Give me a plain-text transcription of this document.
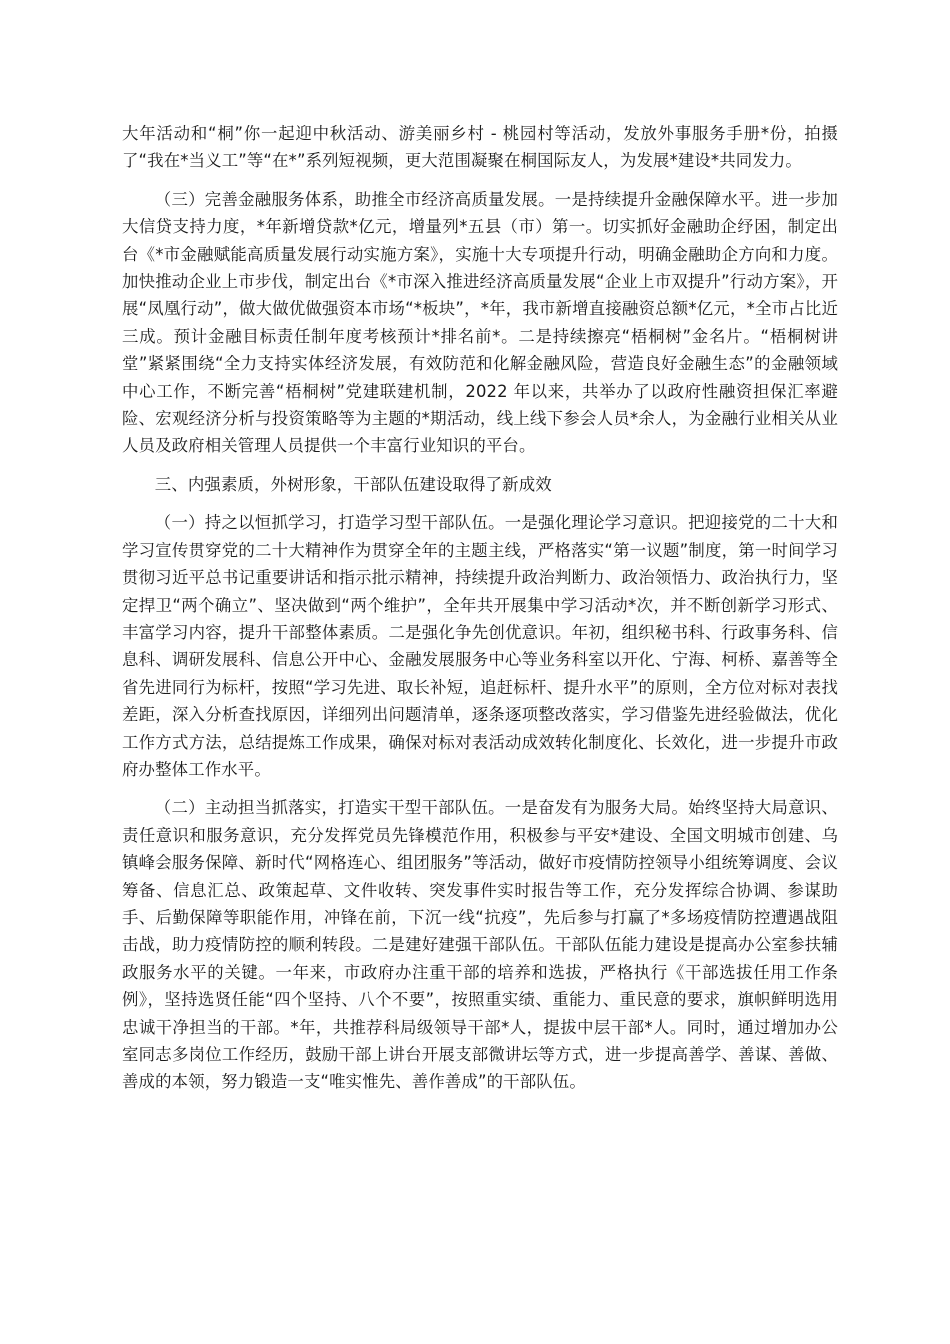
大年活动和“桐”你一起迎中秋活动、游美丽乡村 - 桃园村等活动，发放外事服务手册*份，拍摄了“我在*当义工”等“在*”系列短视频，更大范围凝聚在桐国际友人，为发展*建设*共同发力。

（三）完善金融服务体系，助推全市经济高质量发展。一是持续提升金融保障水平。进一步加大信贷支持力度，*年新增贷款*亿元，增量列*五县（市）第一。切实抓好金融助企纾困，制定出台《*市金融赋能高质量发展行动实施方案》，实施十大专项提升行动，明确金融助企方向和力度。加快推动企业上市步伐，制定出台《*市深入推进经济高质量发展“企业上市双提升”行动方案》，开展“凤凰行动”，做大做优做强资本市场“*板块”，*年，我市新增直接融资总额*亿元，*全市占比近三成。预计金融目标责任制年度考核预计*排名前*。二是持续擦亮“梧桐树”金名片。“梧桐树讲堂”紧紧围绕“全力支持实体经济发展，有效防范和化解金融风险，营造良好金融生态”的金融领域中心工作，不断完善“梧桐树”党建联建机制，2022 年以来，共举办了以政府性融资担保汇率避险、宏观经济分析与投资策略等为主题的*期活动，线上线下参会人员*余人，为金融行业相关从业人员及政府相关管理人员提供一个丰富行业知识的平台。

三、内强素质，外树形象，干部队伍建设取得了新成效

（一）持之以恒抓学习，打造学习型干部队伍。一是强化理论学习意识。把迎接党的二十大和学习宣传贯穿党的二十大精神作为贯穿全年的主题主线，严格落实“第一议题”制度，第一时间学习贯彻习近平总书记重要讲话和指示批示精神，持续提升政治判断力、政治领悟力、政治执行力，坚定捍卫“两个确立”、坚决做到“两个维护”，全年共开展集中学习活动*次，并不断创新学习形式、丰富学习内容，提升干部整体素质。二是强化争先创优意识。年初，组织秘书科、行政事务科、信息科、调研发展科、信息公开中心、金融发展服务中心等业务科室以开化、宁海、柯桥、嘉善等全省先进同行为标杆，按照“学习先进、取长补短，追赶标杆、提升水平”的原则，全方位对标对表找差距，深入分析查找原因，详细列出问题清单，逐条逐项整改落实，学习借鉴先进经验做法，优化工作方式方法，总结提炼工作成果，确保对标对表活动成效转化制度化、长效化，进一步提升市政府办整体工作水平。

（二）主动担当抓落实，打造实干型干部队伍。一是奋发有为服务大局。始终坚持大局意识、责任意识和服务意识，充分发挥党员先锋模范作用，积极参与平安*建设、全国文明城市创建、乌镇峰会服务保障、新时代“网格连心、组团服务”等活动，做好市疫情防控领导小组统筹调度、会议筹备、信息汇总、政策起草、文件收转、突发事件实时报告等工作，充分发挥综合协调、参谋助手、后勤保障等职能作用，冲锋在前，下沉一线“抗疫”，先后参与打赢了*多场疫情防控遭遇战阻击战，助力疫情防控的顺利转段。二是建好建强干部队伍。干部队伍能力建设是提高办公室参扶辅政服务水平的关键。一年来，市政府办注重干部的培养和选拔，严格执行《干部选拔任用工作条例》，坚持选贤任能“四个坚持、八个不要”，按照重实绩、重能力、重民意的要求，旗帜鲜明选用忠诚干净担当的干部。*年，共推荐科局级领导干部*人，提拔中层干部*人。同时，通过增加办公室同志多岗位工作经历，鼓励干部上讲台开展支部微讲坛等方式，进一步提高善学、善谋、善做、善成的本领，努力锻造一支“唯实惟先、善作善成”的干部队伍。
